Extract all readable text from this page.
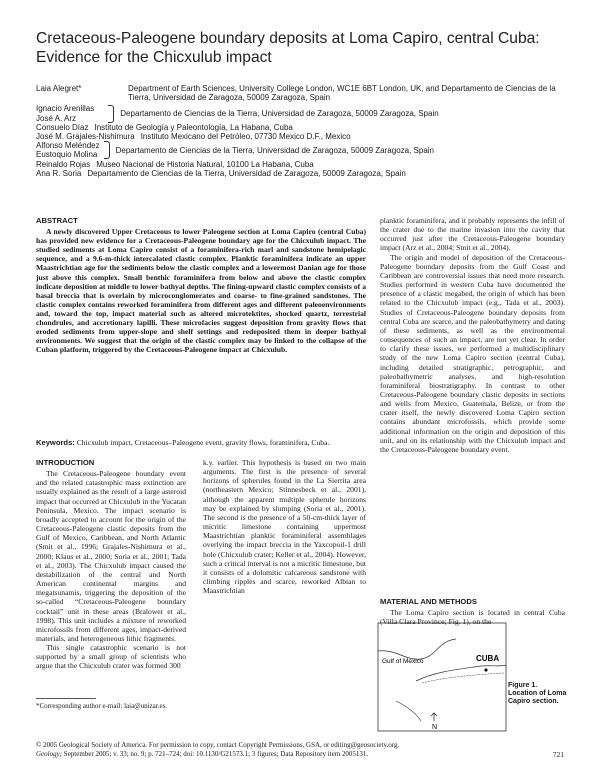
Cretaceous-Paleogene boundary deposits at Loma Capiro, central Cuba: Evidence for the Chicxulub impact
Laia Alegret*	Department of Earth Sciences, University College London, WC1E 6BT London, UK, and Departamento de Ciencias de la Tierra, Universidad de Zaragoza, 50009 Zaragoza, Spain
Ignacio Arenillas
José A. Arz
Departamento de Ciencias de la Tierra, Universidad de Zaragoza, 50009 Zaragoza, Spain
Consuelo Díaz Instituto de Geología y Paleontología, La Habana, Cuba
José M. Grajales-Nishimura Instituto Mexicano del Petróleo, 07730 Mexico D.F., Mexico
Alfonso Meléndez
Eustoquio Molina
Departamento de Ciencias de la Tierra, Universidad de Zaragoza, 50009 Zaragoza, Spain
Reinaldo Rojas Museo Nacional de Historia Natural, 10100 La Habana, Cuba
Ana R. Soria Departamento de Ciencias de la Tierra, Universidad de Zaragoza, 50009 Zaragoza, Spain
ABSTRACT

A newly discovered Upper Cretaceous to lower Paleogene section at Loma Capiro (central Cuba) has provided new evidence for a Cretaceous-Paleogene boundary age for the Chicxulub impact. The studied sediments at Loma Capiro consist of a foraminifera-rich marl and sandstone hemipelagic sequence, and a 9.6-m-thick intercalated clastic complex. Planktic foraminifera indicate an upper Maastrichtian age for the sediments below the clastic complex and a lowermost Danian age for those just above this complex. Small benthic foraminifera from below and above the clastic complex indicate deposition at middle to lower bathyal depths. The fining-upward clastic complex consists of a basal breccia that is overlain by microconglomerates and coarse- to fine-grained sandstones. The clastic complex contains reworked foraminifera from different ages and different paleoenvironments and, toward the top, impact material such as altered microtektites, shocked quartz, terrestrial chondrules, and accretionary lapilli. These microfacies suggest deposition from gravity flows that eroded sediments from upper-slope and shelf settings and redeposited them in deeper bathyal environments. We suggest that the origin of the clastic complex may be linked to the collapse of the Cuban platform, triggered by the Cretaceous-Paleogene impact at Chicxulub.

Keywords: Chicxulub impact, Cretaceous–Paleogene event, gravity flows, foraminifera, Cuba.
INTRODUCTION

The Cretaceous-Paleogene boundary event and the related catastrophic mass extinction are usually explained as the result of a large asteroid impact that occurred at Chicxulub in the Yucatan Peninsula, Mexico. The impact scenario is broadly accepted to account for the origin of the Cretaceous-Paleogene clastic deposits from the Gulf of Mexico, Caribbean, and North Atlantic (Smit et al., 1996; Grajales-Nishimura et al., 2000; Klaus et al., 2000; Soria et al., 2001; Tada et al., 2003). The Chicxulub impact caused the destabilization of the central and North American continental margins and megatsunamis, triggering the deposition of the so-called “Cretaceous-Paleogene boundary cocktail” unit in these areas (Bralower et al., 1998). This unit includes a mixture of reworked microfossils from different ages, impact-derived materials, and heterogeneous lithic fragments.

This single catastrophic scenario is not supported by a small group of scientists who argue that the Chicxulub crater was formed 300

k.y. earlier. This hypothesis is based on two main arguments. The first is the presence of several horizons of spherules found in the La Sierrita area (northeastern Mexico; Stinnesbeck et al., 2001), although the apparent multiple spherule horizons may be explained by slumping (Soria et al., 2001). The second is the presence of a 50-cm-thick layer of micritic limestone containing uppermost Maastrichtian planktic foraminiferal assemblages overlying the impact breccia in the Yaxcopoil-1 drill hole (Chicxulub crater; Keller et al., 2004). However, such a critical interval is not a micritic limestone, but it consists of a dolomitic calcareous sandstone with climbing ripples and scarce, reworked Albian to Maastrichtian

planktic foraminifera, and it probably represents the infill of the crater due to the marine invasion into the cavity that occurred just after the Cretaceous-Paleogene boundary impact (Arz et al., 2004; Smit et al., 2004).

The origin and model of deposition of the Cretaceous-Paleogene boundary deposits from the Gulf Coast and Caribbean are controversial issues that need more research. Studies performed in western Cuba have documented the presence of a clastic megabed, the origin of which has been related to the Chicxulub impact (e.g., Tada et al., 2003). Studies of Cretaceous-Paleogene boundary deposits from central Cuba are scarce, and the paleobathymetry and dating of these sediments, as well as the environmental consequences of such an impact, are not yet clear. In order to clarify these issues, we performed a multidisciplinary study of the new Loma Capiro section (central Cuba), including detailed stratigraphic, petrographic, and paleobathymetric analyses, and high-resolution foraminiferal biostratigraphy. In contrast to other Cretaceous-Paleogene boundary clastic deposits in sections and wells from Mexico, Guatemala, Belize, or from the crater itself, the newly discovered Loma Capiro section contains abundant microfossils, which provide some additional information on the origin and deposition of this unit, and on its relationship with the Chicxulub impact and the Cretaceous-Paleogene boundary event.

MATERIAL AND METHODS

The Loma Capiro section is located in central Cuba (Villa Clara Province; Fig. 1), on the

Gulf of Mexico	CUBA
N
Figure 1. Location of Loma Capiro section.
*Corresponding author e-mail: laia@unizar.es.
© 2005 Geological Society of America. For permission to copy, contact Copyright Permissions, GSA, or editing@geosociety.org.
Geology; September 2005; v. 33; no. 9; p. 721–724; doi: 10.1130/G21573.1; 3 figures; Data Repository item 2005131.	721
